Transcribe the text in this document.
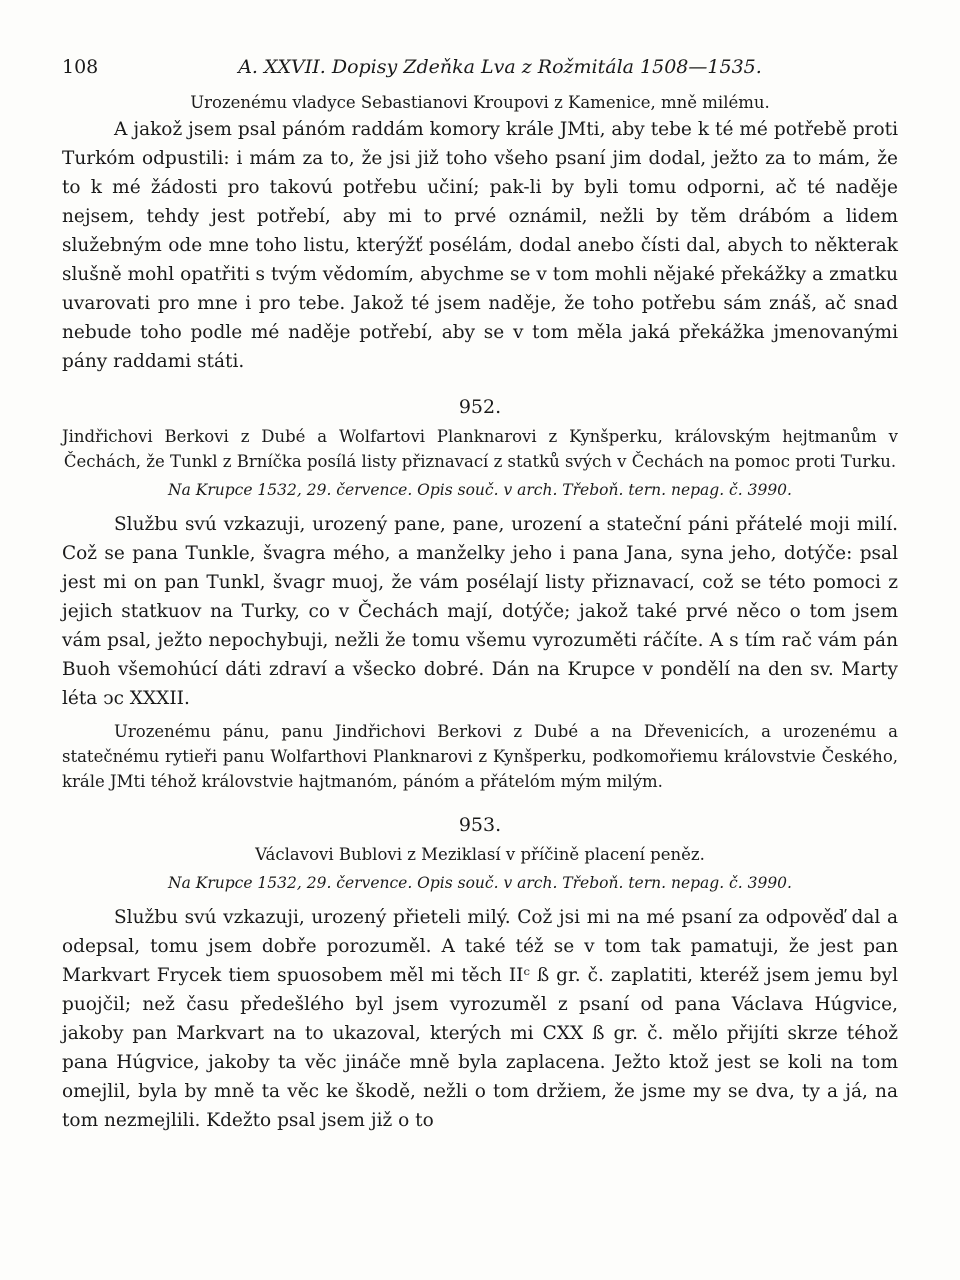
108	A. XXVII. Dopisy Zdeňka Lva z Rožmitála 1508—1535.

Urozenému vladyce Sebastianovi Kroupovi z Kamenice, mně milému.

A jakož jsem psal pánóm raddám komory krále JMti, aby tebe k té mé potřebě proti Turkóm odpustili: i mám za to, že jsi již toho všeho psaní jim dodal, ježto za to mám, že to k mé žádosti pro takovú potřebu učiní; pak-li by byli tomu odporni, ač té naděje nejsem, tehdy jest potřebí, aby mi to prvé oznámil, nežli by těm drábóm a lidem služebným ode mne toho listu, kterýžť posélám, dodal anebo čísti dal, abych to některak slušně mohl opatřiti s tvým vědomím, abychme se v tom mohli nějaké překážky a zmatku uvarovati pro mne i pro tebe. Jakož té jsem naděje, že toho potřebu sám znáš, ač snad nebude toho podle mé naděje potřebí, aby se v tom měla jaká překážka jmenovanými pány raddami státi.

952.

Jindřichovi Berkovi z Dubé a Wolfartovi Planknarovi z Kynšperku, královským hejtmanům v Čechách, že Tunkl z Brníčka posílá listy přiznavací z statků svých v Čechách na pomoc proti Turku.

Na Krupce 1532, 29. července. Opis souč. v arch. Třeboň. tern. nepag. č. 3990.

Službu svú vzkazuji, urozený pane, pane, urození a stateční páni přátelé moji milí. Což se pana Tunkle, švagra mého, a manželky jeho i pana Jana, syna jeho, dotýče: psal jest mi on pan Tunkl, švagr muoj, že vám posélají listy přiznavací, což se této pomoci z jejich statkuov na Turky, co v Čechách mají, dotýče; jakož také prvé něco o tom jsem vám psal, ježto nepochybuji, nežli že tomu všemu vyrozuměti ráčíte. A s tím rač vám pán Buoh všemohúcí dáti zdraví a všecko dobré. Dán na Krupce v pondělí na den sv. Marty léta ↄc XXXII.

Urozenému pánu, panu Jindřichovi Berkovi z Dubé a na Dřevenicích, a urozenému a statečnému rytieři panu Wolfarthovi Planknarovi z Kynšperku, podkomořiemu královstvie Českého, krále JMti téhož královstvie hajtmanóm, pánóm a přátelóm mým milým.

953.

Václavovi Bublovi z Meziklasí v příčině placení peněz.

Na Krupce 1532, 29. července. Opis souč. v arch. Třeboň. tern. nepag. č. 3990.

Službu svú vzkazuji, urozený přieteli milý. Což jsi mi na mé psaní za odpověď dal a odepsal, tomu jsem dobře porozuměl. A také též se v tom tak pamatuji, že jest pan Markvart Frycek tiem spuosobem měl mi těch IIᶜ ß gr. č. zaplatiti, kteréž jsem jemu byl puojčil; než času předešlého byl jsem vyrozuměl z psaní od pana Václava Húgvice, jakoby pan Markvart na to ukazoval, kterých mi CXX ß gr. č. mělo přijíti skrze téhož pana Húgvice, jakoby ta věc jináče mně byla zaplacena. Ježto ktož jest se koli na tom omejlil, byla by mně ta věc ke škodě, nežli o tom držiem, že jsme my se dva, ty a já, na tom nezmejlili. Kdežto psal jsem již o to
